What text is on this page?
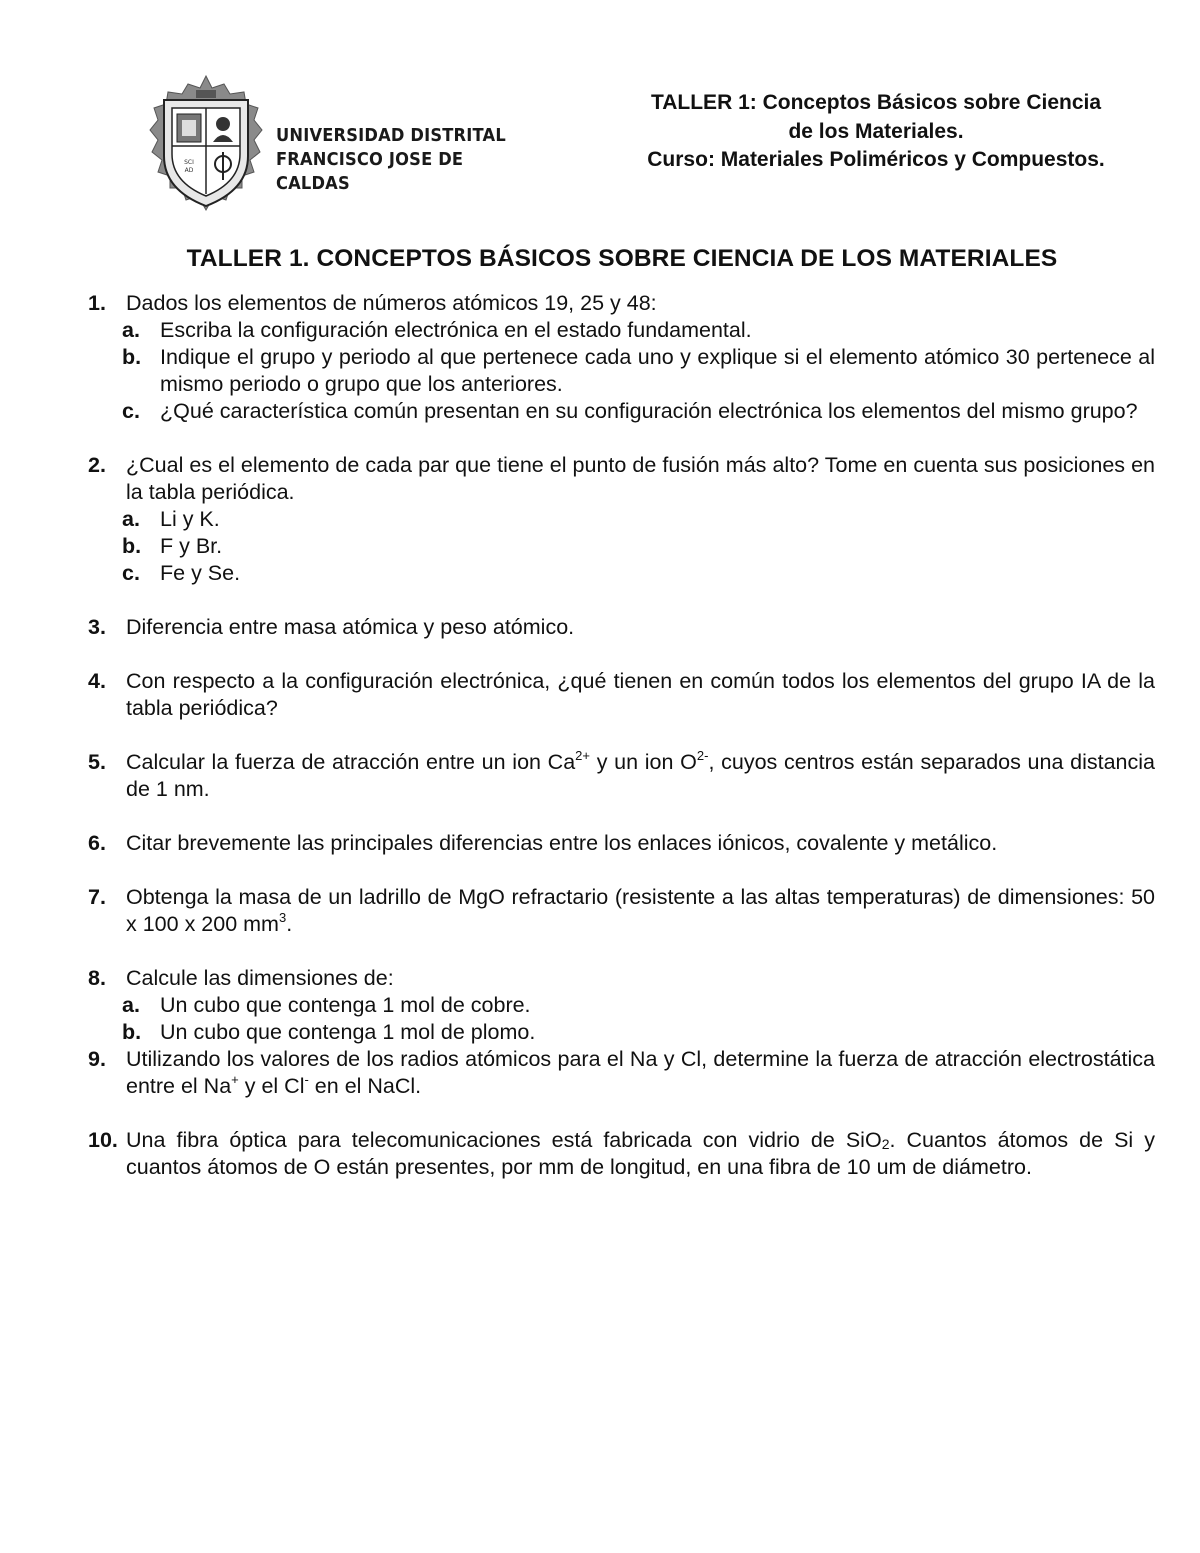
SCI
AD
UNIVERSIDAD DISTRITAL
FRANCISCO JOSE DE CALDAS
TALLER 1: Conceptos Básicos sobre Ciencia
de los Materiales.
Curso: Materiales Poliméricos y Compuestos.
TALLER 1. CONCEPTOS BÁSICOS SOBRE CIENCIA DE LOS MATERIALES
1. Dados los elementos de números atómicos 19, 25 y 48:
a. Escriba la configuración electrónica en el estado fundamental.
b. Indique el grupo y periodo al que pertenece cada uno y explique si el elemento atómico 30 pertenece al mismo periodo o grupo que los anteriores.
c. ¿Qué característica común presentan en su configuración electrónica los elementos del mismo grupo?
2. ¿Cual es el elemento de cada par que tiene el punto de fusión más alto? Tome en cuenta sus posiciones en la tabla periódica.
a. Li y K.
b. F y Br.
c. Fe y Se.
3. Diferencia entre masa atómica y peso atómico.
4. Con respecto a la configuración electrónica, ¿qué tienen en común todos los elementos del grupo IA de la tabla periódica?
5. Calcular la fuerza de atracción entre un ion $Ca^{2+}$ y un ion $O^{2-}$, cuyos centros están separados una distancia de 1 nm.
6. Citar brevemente las principales diferencias entre los enlaces iónicos, covalente y metálico.
7. Obtenga la masa de un ladrillo de MgO refractario (resistente a las altas temperaturas) de dimensiones: 50 x 100 x 200 $mm^3$.
8. Calcule las dimensiones de:
a. Un cubo que contenga 1 mol de cobre.
b. Un cubo que contenga 1 mol de plomo.
9. Utilizando los valores de los radios atómicos para el Na y Cl, determine la fuerza de atracción electrostática entre el Na+ y el Cl- en el NaCl.
10. Una fibra óptica para telecomunicaciones está fabricada con vidrio de SiO$_2$. Cuantos átomos de Si y cuantos átomos de O están presentes, por mm de longitud, en una fibra de 10 um de diámetro.
